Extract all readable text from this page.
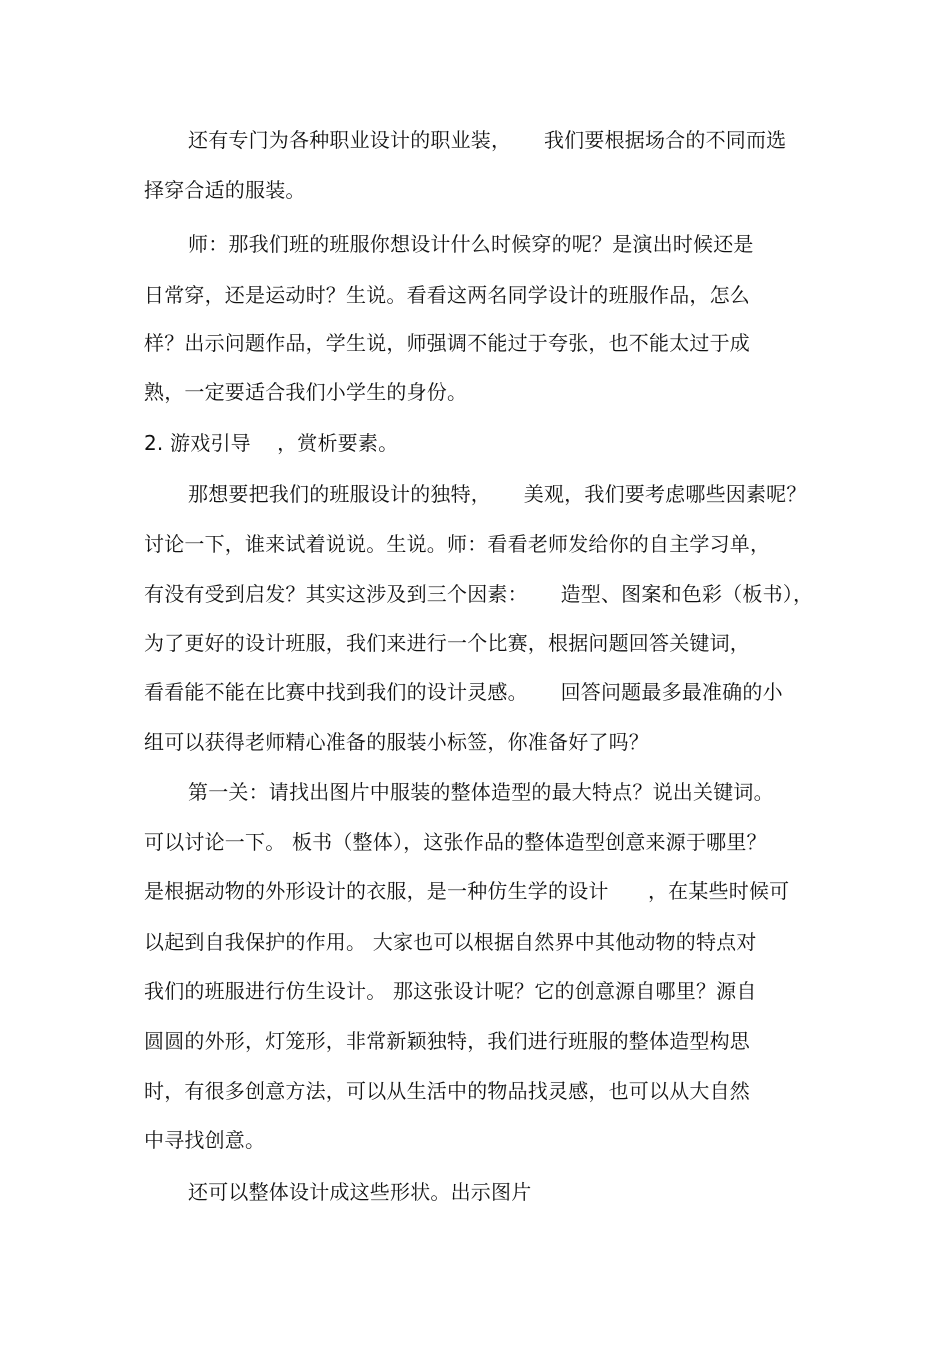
还有专门为各种职业设计的职业装，     我们要根据场合的不同而选
择穿合适的服装。
师：那我们班的班服你想设计什么时候穿的呢？是演出时候还是
日常穿，还是运动时？生说。看看这两名同学设计的班服作品，怎么
样？出示问题作品，学生说，师强调不能过于夸张，也不能太过于成
熟，一定要适合我们小学生的身份。
2. 游戏引导    ，赏析要素。
那想要把我们的班服设计的独特，     美观，我们要考虑哪些因素呢？
讨论一下，谁来试着说说。生说。师：看看老师发给你的自主学习单，
有没有受到启发？其实这涉及到三个因素：     造型、图案和色彩（板书），
为了更好的设计班服，我们来进行一个比赛，根据问题回答关键词，
看看能不能在比赛中找到我们的设计灵感。     回答问题最多最准确的小
组可以获得老师精心准备的服装小标签，你准备好了吗？
第一关：请找出图片中服装的整体造型的最大特点？说出关键词。
可以讨论一下。 板书（整体），这张作品的整体造型创意来源于哪里？
是根据动物的外形设计的衣服，是一种仿生学的设计      ，在某些时候可
以起到自我保护的作用。 大家也可以根据自然界中其他动物的特点对
我们的班服进行仿生设计。 那这张设计呢？它的创意源自哪里？源自
圆圆的外形，灯笼形，非常新颖独特，我们进行班服的整体造型构思
时，有很多创意方法，可以从生活中的物品找灵感，也可以从大自然
中寻找创意。
还可以整体设计成这些形状。出示图片
